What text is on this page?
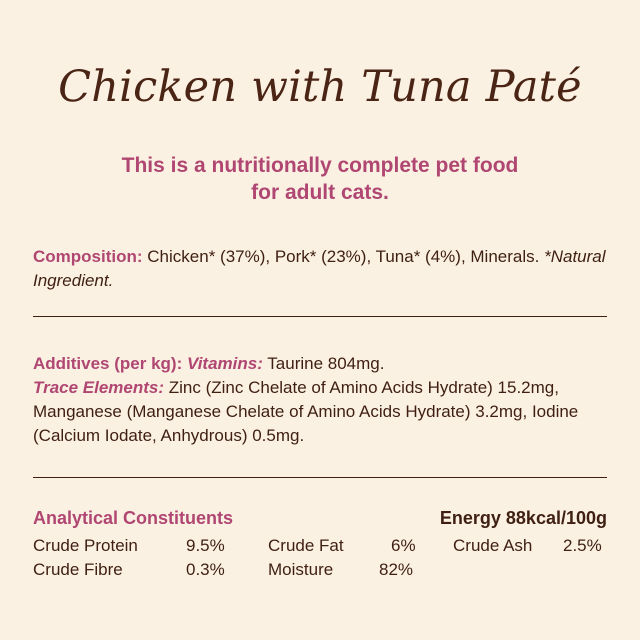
Chicken with Tuna Paté
This is a nutritionally complete pet food
for adult cats.
Composition: Chicken* (37%), Pork* (23%), Tuna* (4%), Minerals. *Natural Ingredient.
Additives (per kg): Vitamins: Taurine 804mg.
Trace Elements: Zinc (Zinc Chelate of Amino Acids Hydrate) 15.2mg, Manganese (Manganese Chelate of Amino Acids Hydrate) 3.2mg, Iodine (Calcium Iodate, Anhydrous) 0.5mg.
Analytical Constituents	Energy 88kcal/100g
Crude Protein	9.5%	Crude Fat	6% Crude Ash 2.5%
Crude Fibre	0.3%	Moisture	82%
